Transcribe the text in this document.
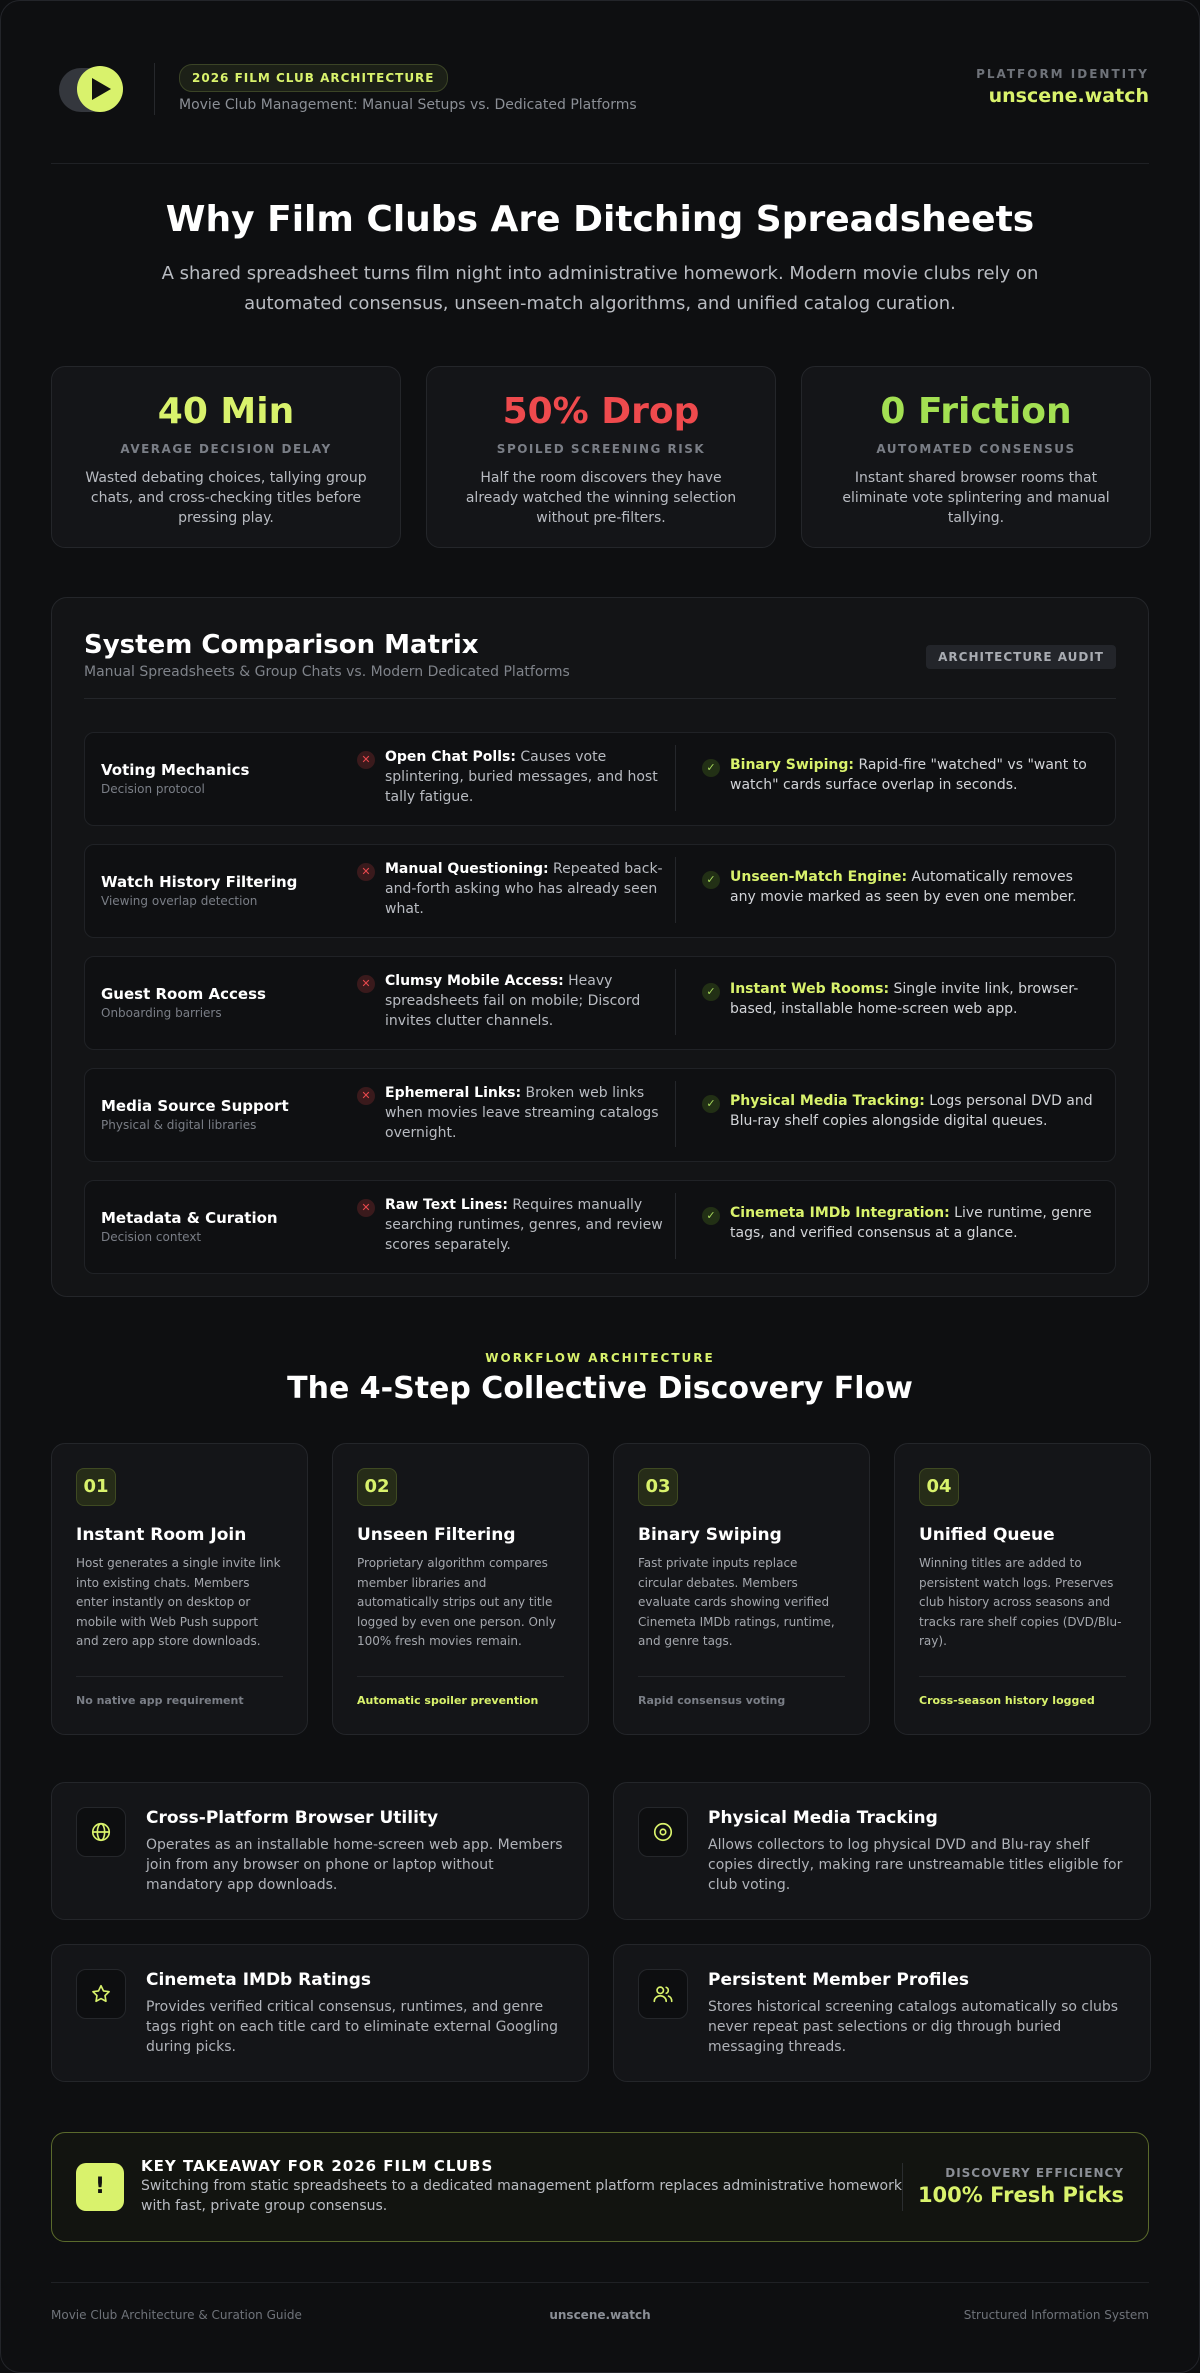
2026 FILM CLUB ARCHITECTURE
Movie Club Management: Manual Setups vs. Dedicated Platforms
PLATFORM IDENTITY
unscene.watch
Why Film Clubs Are Ditching Spreadsheets
A shared spreadsheet turns film night into administrative homework. Modern movie clubs rely on automated consensus, unseen-match algorithms, and unified catalog curation.
40 Min
AVERAGE DECISION DELAY
Wasted debating choices, tallying group chats, and cross-checking titles before pressing play.
50% Drop
SPOILED SCREENING RISK
Half the room discovers they have already watched the winning selection without pre-filters.
0 Friction
AUTOMATED CONSENSUS
Instant shared browser rooms that eliminate vote splintering and manual tallying.
System Comparison Matrix
Manual Spreadsheets & Group Chats vs. Modern Dedicated Platforms
ARCHITECTURE AUDIT
Voting Mechanics
Decision protocol
✕	Open Chat Polls: Causes vote splintering, buried messages, and host tally fatigue.
✓	Binary Swiping: Rapid-fire "watched" vs "want to watch" cards surface overlap in seconds.
Watch History Filtering
Viewing overlap detection
✕	Manual Questioning: Repeated back-and-forth asking who has already seen what.
✓	Unseen-Match Engine: Automatically removes any movie marked as seen by even one member.
Guest Room Access
Onboarding barriers
✕	Clumsy Mobile Access: Heavy spreadsheets fail on mobile; Discord invites clutter channels.
✓	Instant Web Rooms: Single invite link, browser-based, installable home-screen web app.
Media Source Support
Physical & digital libraries
✕	Ephemeral Links: Broken web links when movies leave streaming catalogs overnight.
✓	Physical Media Tracking: Logs personal DVD and Blu-ray shelf copies alongside digital queues.
Metadata & Curation
Decision context
✕	Raw Text Lines: Requires manually searching runtimes, genres, and review scores separately.
✓	Cinemeta IMDb Integration: Live runtime, genre tags, and verified consensus at a glance.
WORKFLOW ARCHITECTURE
The 4-Step Collective Discovery Flow
01
Instant Room Join
Host generates a single invite link into existing chats. Members enter instantly on desktop or mobile with Web Push support and zero app store downloads.
No native app requirement
02
Unseen Filtering
Proprietary algorithm compares member libraries and automatically strips out any title logged by even one person. Only 100% fresh movies remain.
Automatic spoiler prevention
03
Binary Swiping
Fast private inputs replace circular debates. Members evaluate cards showing verified Cinemeta IMDb ratings, runtime, and genre tags.
Rapid consensus voting
04
Unified Queue
Winning titles are added to persistent watch logs. Preserves club history across seasons and tracks rare shelf copies (DVD/Blu-ray).
Cross-season history logged
Cross-Platform Browser Utility
Operates as an installable home-screen web app. Members join from any browser on phone or laptop without mandatory app downloads.
Physical Media Tracking
Allows collectors to log physical DVD and Blu-ray shelf copies directly, making rare unstreamable titles eligible for club voting.
Cinemeta IMDb Ratings
Provides verified critical consensus, runtimes, and genre tags right on each title card to eliminate external Googling during picks.
Persistent Member Profiles
Stores historical screening catalogs automatically so clubs never repeat past selections or dig through buried messaging threads.
!
KEY TAKEAWAY FOR 2026 FILM CLUBS
Switching from static spreadsheets to a dedicated management platform replaces administrative homework with fast, private group consensus.
DISCOVERY EFFICIENCY
100% Fresh Picks
Movie Club Architecture & Curation Guide	unscene.watch	Structured Information System
